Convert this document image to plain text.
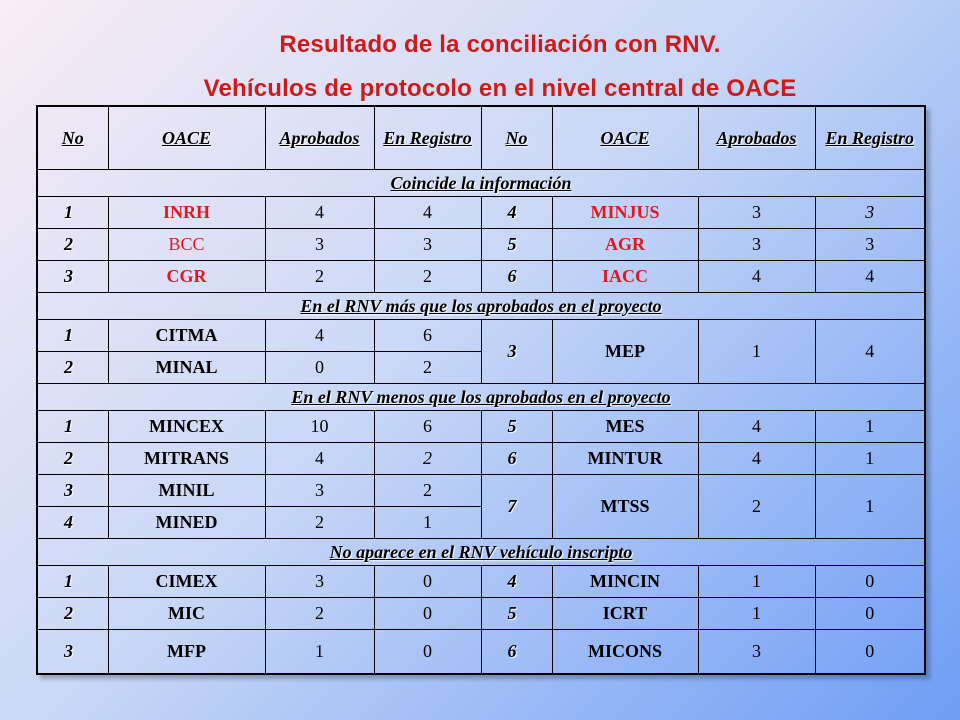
Resultado de la conciliación con RNV.
Vehículos de protocolo en el nivel central de OACE
No	OACE	Aprobados	En Registro	No	OACE	Aprobados	En Registro
Coincide la información							
1	INRH	4	4	4	MINJUS	3	3
2	BCC	3	3	5	AGR	3	3
3	CGR	2	2	6	IACC	4	4
En el RNV más que los aprobados en el proyecto							
1	CITMA	4	6	3	MEP	1	4
2	MINAL	0	2				
En el RNV menos que los aprobados en el proyecto							
1	MINCEX	10	6	5	MES	4	1
2	MITRANS	4	2	6	MINTUR	4	1
3	MINIL	3	2	7	MTSS	2	1
4	MINED	2	1				
No aparece en el RNV vehículo inscripto							
1	CIMEX	3	0	4	MINCIN	1	0
2	MIC	2	0	5	ICRT	1	0
3	MFP	1	0	6	MICONS	3	0
